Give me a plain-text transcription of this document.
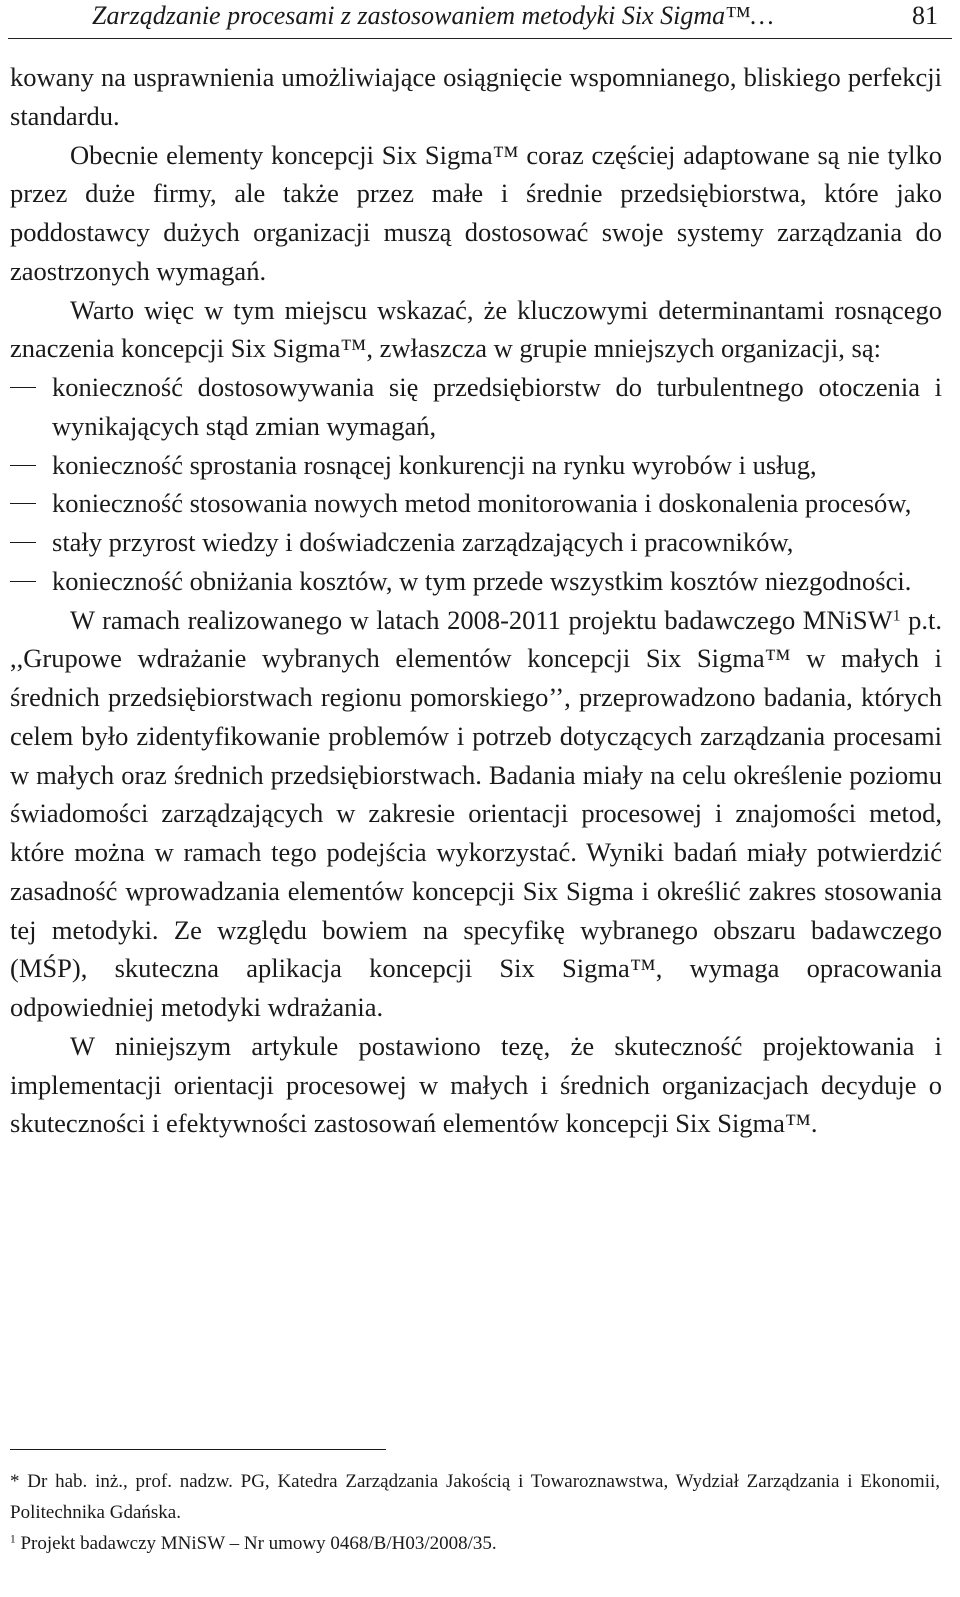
Zarządzanie procesami z zastosowaniem metodyki Six Sigma™…	81

kowany na usprawnienia umożliwiające osiągnięcie wspomnianego, bliskiego perfekcji standardu.

Obecnie elementy koncepcji Six Sigma™ coraz częściej adaptowane są nie tylko przez duże firmy, ale także przez małe i średnie przedsiębiorstwa, które jako poddostawcy dużych organizacji muszą dostosować swoje systemy zarządzania do zaostrzonych wymagań.

Warto więc w tym miejscu wskazać, że kluczowymi determinantami rosnącego znaczenia koncepcji Six Sigma™, zwłaszcza w grupie mniejszych organizacji, są:

konieczność dostosowywania się przedsiębiorstw do turbulentnego otoczenia i wynikających stąd zmian wymagań,
konieczność sprostania rosnącej konkurencji na rynku wyrobów i usług,
konieczność stosowania nowych metod monitorowania i doskonalenia procesów,
stały przyrost wiedzy i doświadczenia zarządzających i pracowników,
konieczność obniżania kosztów, w tym przede wszystkim kosztów niezgodności.

W ramach realizowanego w latach 2008-2011 projektu badawczego MNiSW$^1$ p.t. ,,Grupowe wdrażanie wybranych elementów koncepcji Six Sigma™ w małych i średnich przedsiębiorstwach regionu pomorskiego’’, przeprowadzono badania, których celem było zidentyfikowanie problemów i potrzeb dotyczących zarządzania procesami w małych oraz średnich przedsiębiorstwach. Badania miały na celu określenie poziomu świadomości zarządzających w zakresie orientacji procesowej i znajomości metod, które można w ramach tego podejścia wykorzystać. Wyniki badań miały potwierdzić zasadność wprowadzania elementów koncepcji Six Sigma i określić zakres stosowania tej metodyki. Ze względu bowiem na specyfikę wybranego obszaru badawczego (MŚP), skuteczna aplikacja koncepcji Six Sigma™, wymaga opracowania odpowiedniej metodyki wdrażania.

W niniejszym artykule postawiono tezę, że skuteczność projektowania i implementacji orientacji procesowej w małych i średnich organizacjach decyduje o skuteczności i efektywności zastosowań elementów koncepcji Six Sigma™.

* Dr hab. inż., prof. nadzw. PG, Katedra Zarządzania Jakością i Towaroznawstwa, Wydział Zarządzania i Ekonomii, Politechnika Gdańska.

$^1$ Projekt badawczy MNiSW – Nr umowy 0468/B/H03/2008/35.
